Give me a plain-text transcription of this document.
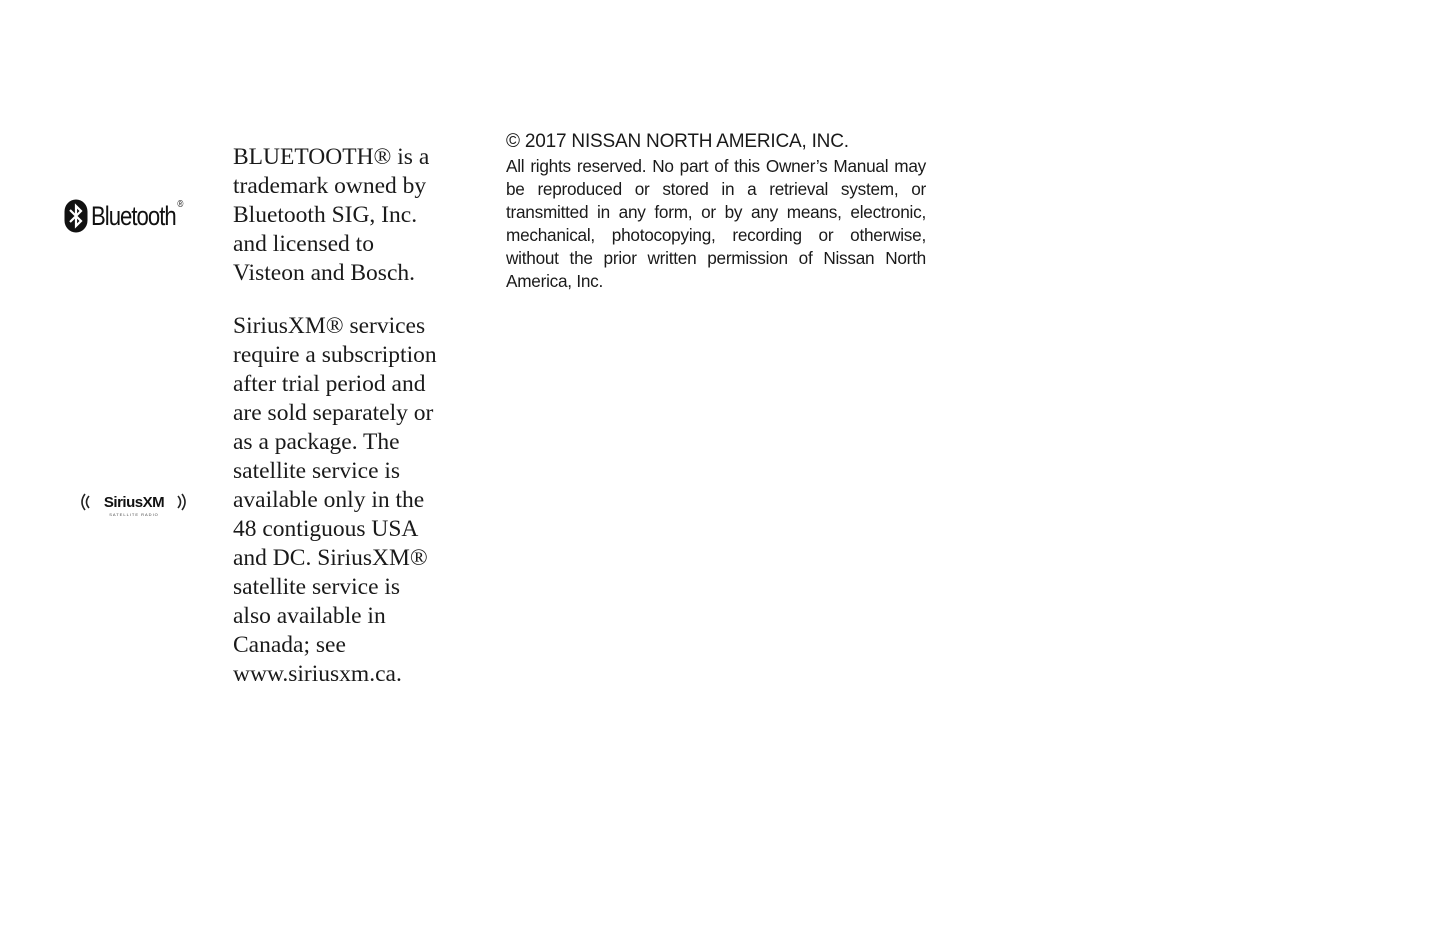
Bluetooth ®
BLUETOOTH® is a
trademark owned by
Bluetooth SIG, Inc.
and licensed to
Visteon and Bosch.
SiriusXM
SATELLITE RADIO
SiriusXM® services
require a subscription
after trial period and
are sold separately or
as a package. The
satellite service is
available only in the
48 contiguous USA
and DC. SiriusXM®
satellite service is
also available in
Canada; see
www.siriusxm.ca.
© 2017 NISSAN NORTH AMERICA, INC.
All rights reserved. No part of this Owner’s Manual may be reproduced or stored in a retrieval system, or transmitted in any form, or by any means, electronic, mechanical, photocopying, recording or otherwise, without the prior written permission of Nissan North America, Inc.
